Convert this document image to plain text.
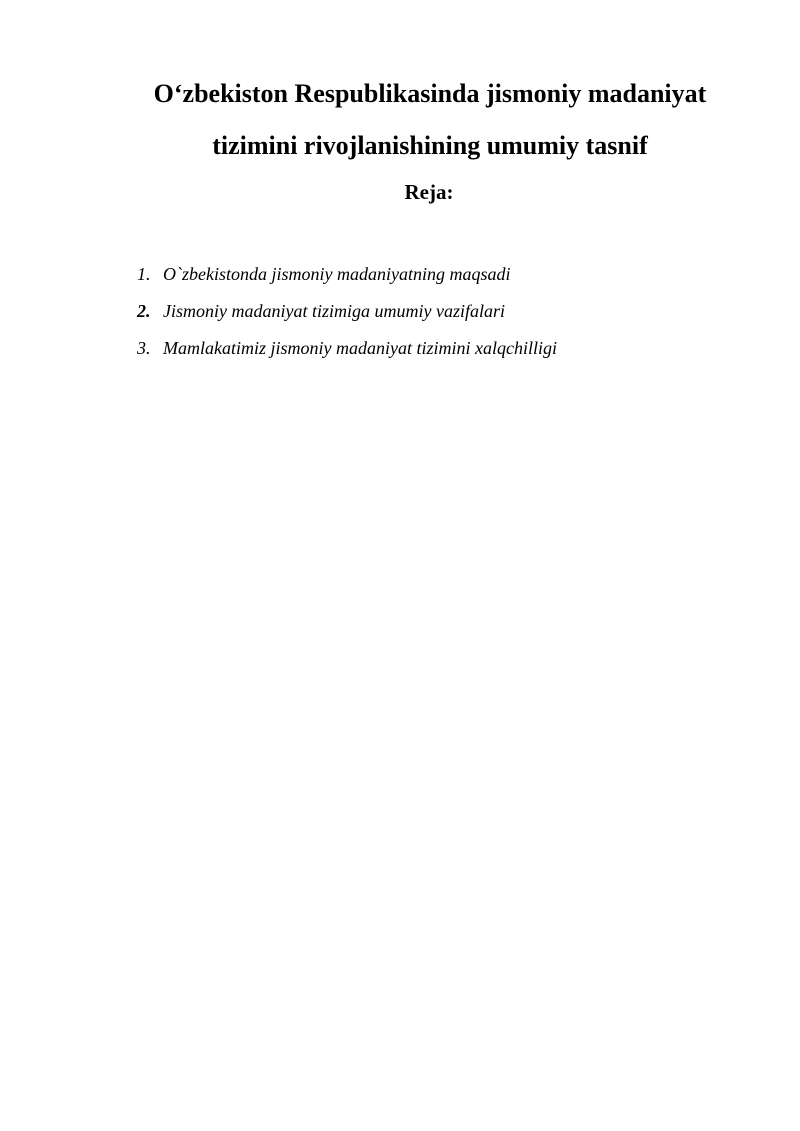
O‘zbekiston Respublikasinda jismoniy madaniyat
tizimini rivojlanishining umumiy tasnif
Reja:
1. O`zbekistonda jismoniy madaniyatning maqsadi
2. Jismoniy madaniyat tizimiga umumiy vazifalari
3. Mamlakatimiz jismoniy madaniyat tizimini xalqchilligi
